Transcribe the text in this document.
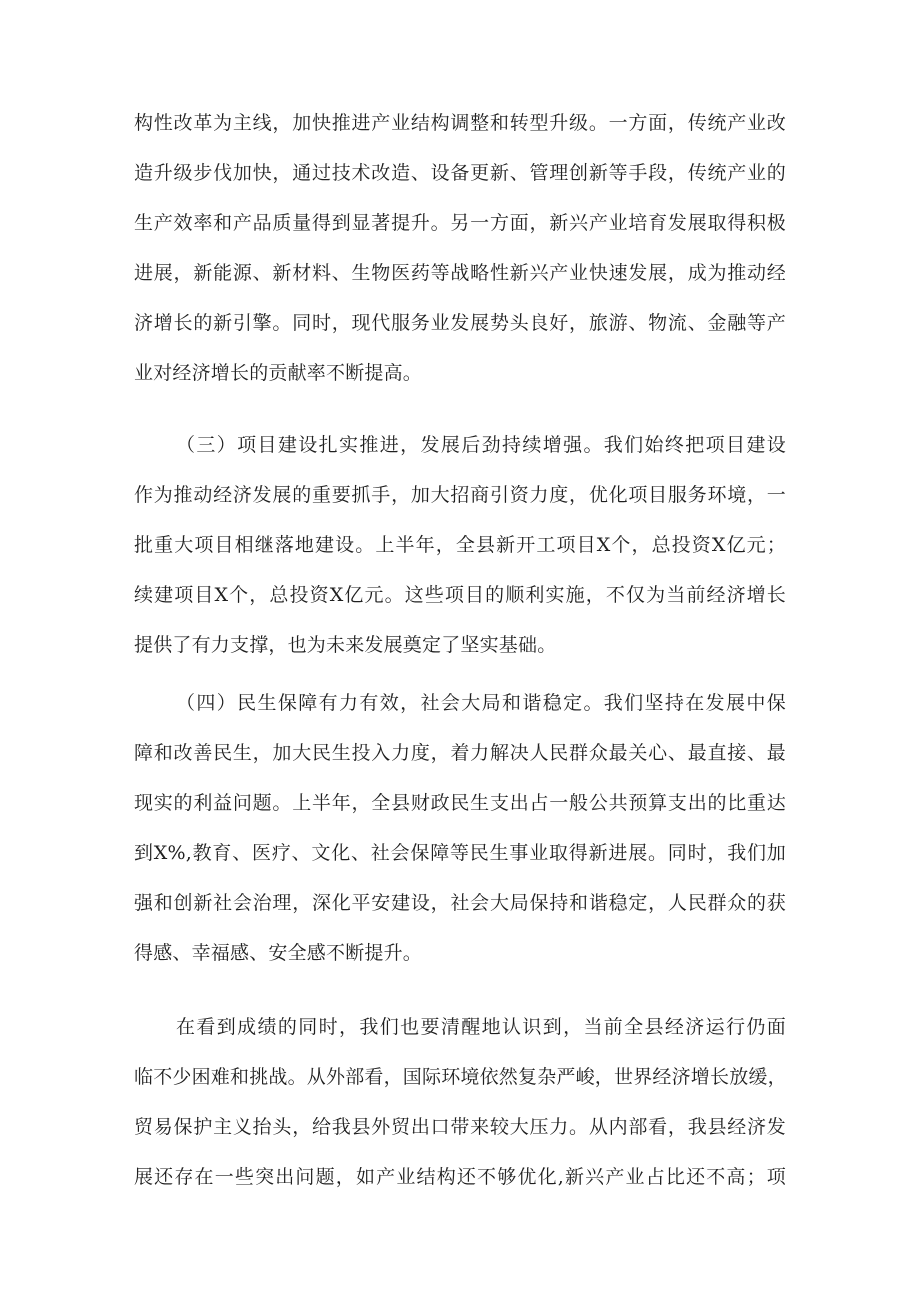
构性改革为主线，加快推进产业结构调整和转型升级。一方面，传统产业改
造升级步伐加快，通过技术改造、设备更新、管理创新等手段，传统产业的
生产效率和产品质量得到显著提升。另一方面，新兴产业培育发展取得积极
进展，新能源、新材料、生物医药等战略性新兴产业快速发展，成为推动经
济增长的新引擎。同时，现代服务业发展势头良好，旅游、物流、金融等产
业对经济增长的贡献率不断提高。
（三）项目建设扎实推进，发展后劲持续增强。我们始终把项目建设
作为推动经济发展的重要抓手，加大招商引资力度，优化项目服务环境，一
批重大项目相继落地建设。上半年，全县新开工项目X个，总投资X亿元；
续建项目X个，总投资X亿元。这些项目的顺利实施，不仅为当前经济增长
提供了有力支撑，也为未来发展奠定了坚实基础。
（四）民生保障有力有效，社会大局和谐稳定。我们坚持在发展中保
障和改善民生，加大民生投入力度，着力解决人民群众最关心、最直接、最
现实的利益问题。上半年，全县财政民生支出占一般公共预算支出的比重达
到X%,教育、医疗、文化、社会保障等民生事业取得新进展。同时，我们加
强和创新社会治理，深化平安建设，社会大局保持和谐稳定，人民群众的获
得感、幸福感、安全感不断提升。
在看到成绩的同时，我们也要清醒地认识到，当前全县经济运行仍面
临不少困难和挑战。从外部看，国际环境依然复杂严峻，世界经济增长放缓，
贸易保护主义抬头，给我县外贸出口带来较大压力。从内部看，我县经济发
展还存在一些突出问题，如产业结构还不够优化,新兴产业占比还不高；项
